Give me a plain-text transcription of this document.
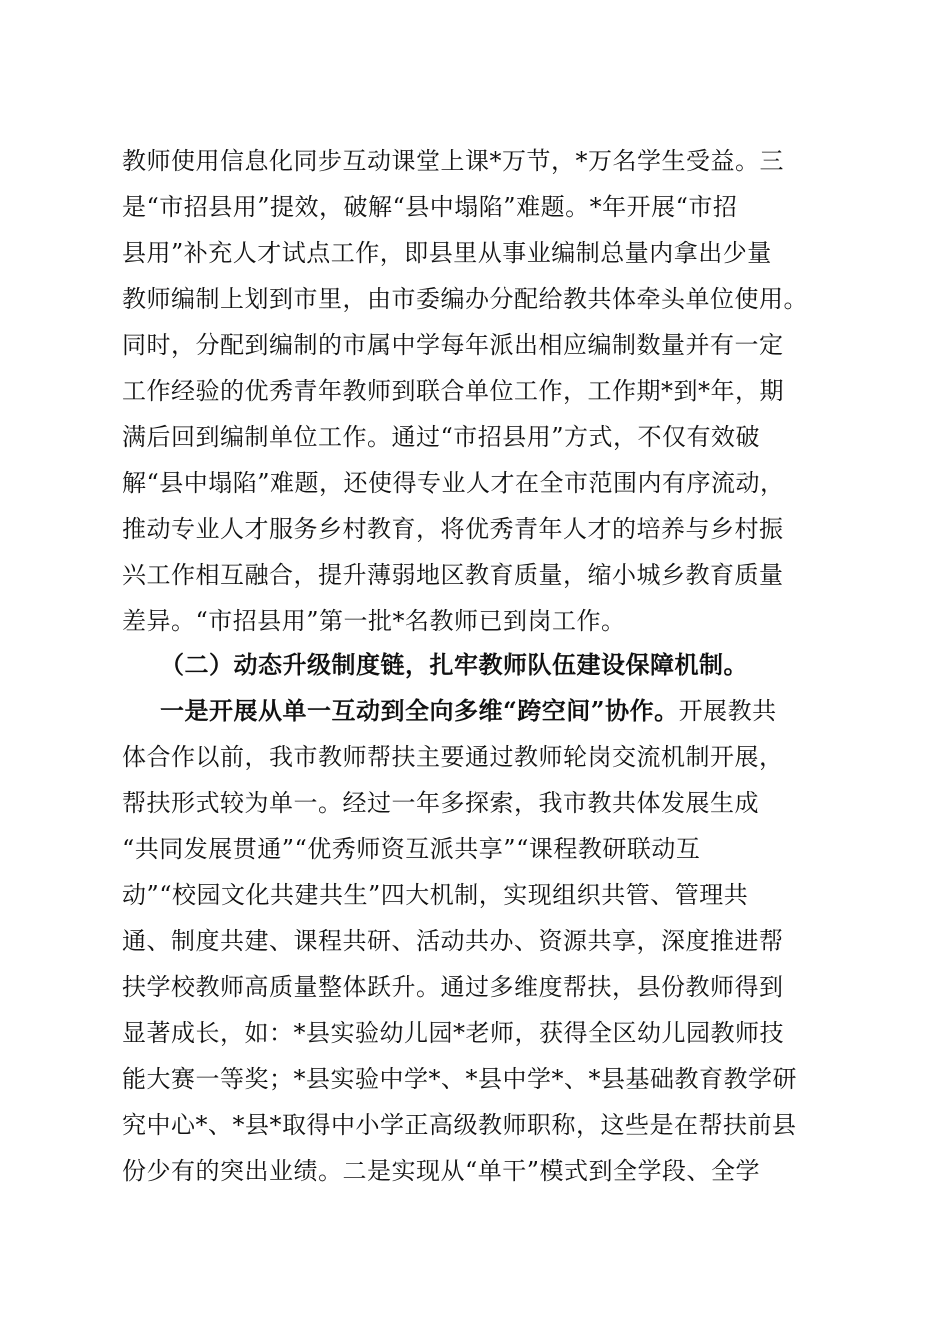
教师使用信息化同步互动课堂上课*万节，*万名学生受益。三
是“市招县用”提效，破解“县中塌陷”难题。*年开展“市招
县用”补充人才试点工作，即县里从事业编制总量内拿出少量
教师编制上划到市里，由市委编办分配给教共体牵头单位使用。
同时，分配到编制的市属中学每年派出相应编制数量并有一定
工作经验的优秀青年教师到联合单位工作，工作期*到*年，期
满后回到编制单位工作。通过“市招县用”方式，不仅有效破
解“县中塌陷”难题，还使得专业人才在全市范围内有序流动，
推动专业人才服务乡村教育，将优秀青年人才的培养与乡村振
兴工作相互融合，提升薄弱地区教育质量，缩小城乡教育质量
差异。“市招县用”第一批*名教师已到岗工作。
（二）动态升级制度链，扎牢教师队伍建设保障机制。
一是开展从单一互动到全向多维“跨空间”协作。开展教共
体合作以前，我市教师帮扶主要通过教师轮岗交流机制开展，
帮扶形式较为单一。经过一年多探索，我市教共体发展生成
“共同发展贯通”“优秀师资互派共享”“课程教研联动互
动”“校园文化共建共生”四大机制，实现组织共管、管理共
通、制度共建、课程共研、活动共办、资源共享，深度推进帮
扶学校教师高质量整体跃升。通过多维度帮扶，县份教师得到
显著成长，如：*县实验幼儿园*老师，获得全区幼儿园教师技
能大赛一等奖；*县实验中学*、*县中学*、*县基础教育教学研
究中心*、*县*取得中小学正高级教师职称，这些是在帮扶前县
份少有的突出业绩。二是实现从“单干”模式到全学段、全学
